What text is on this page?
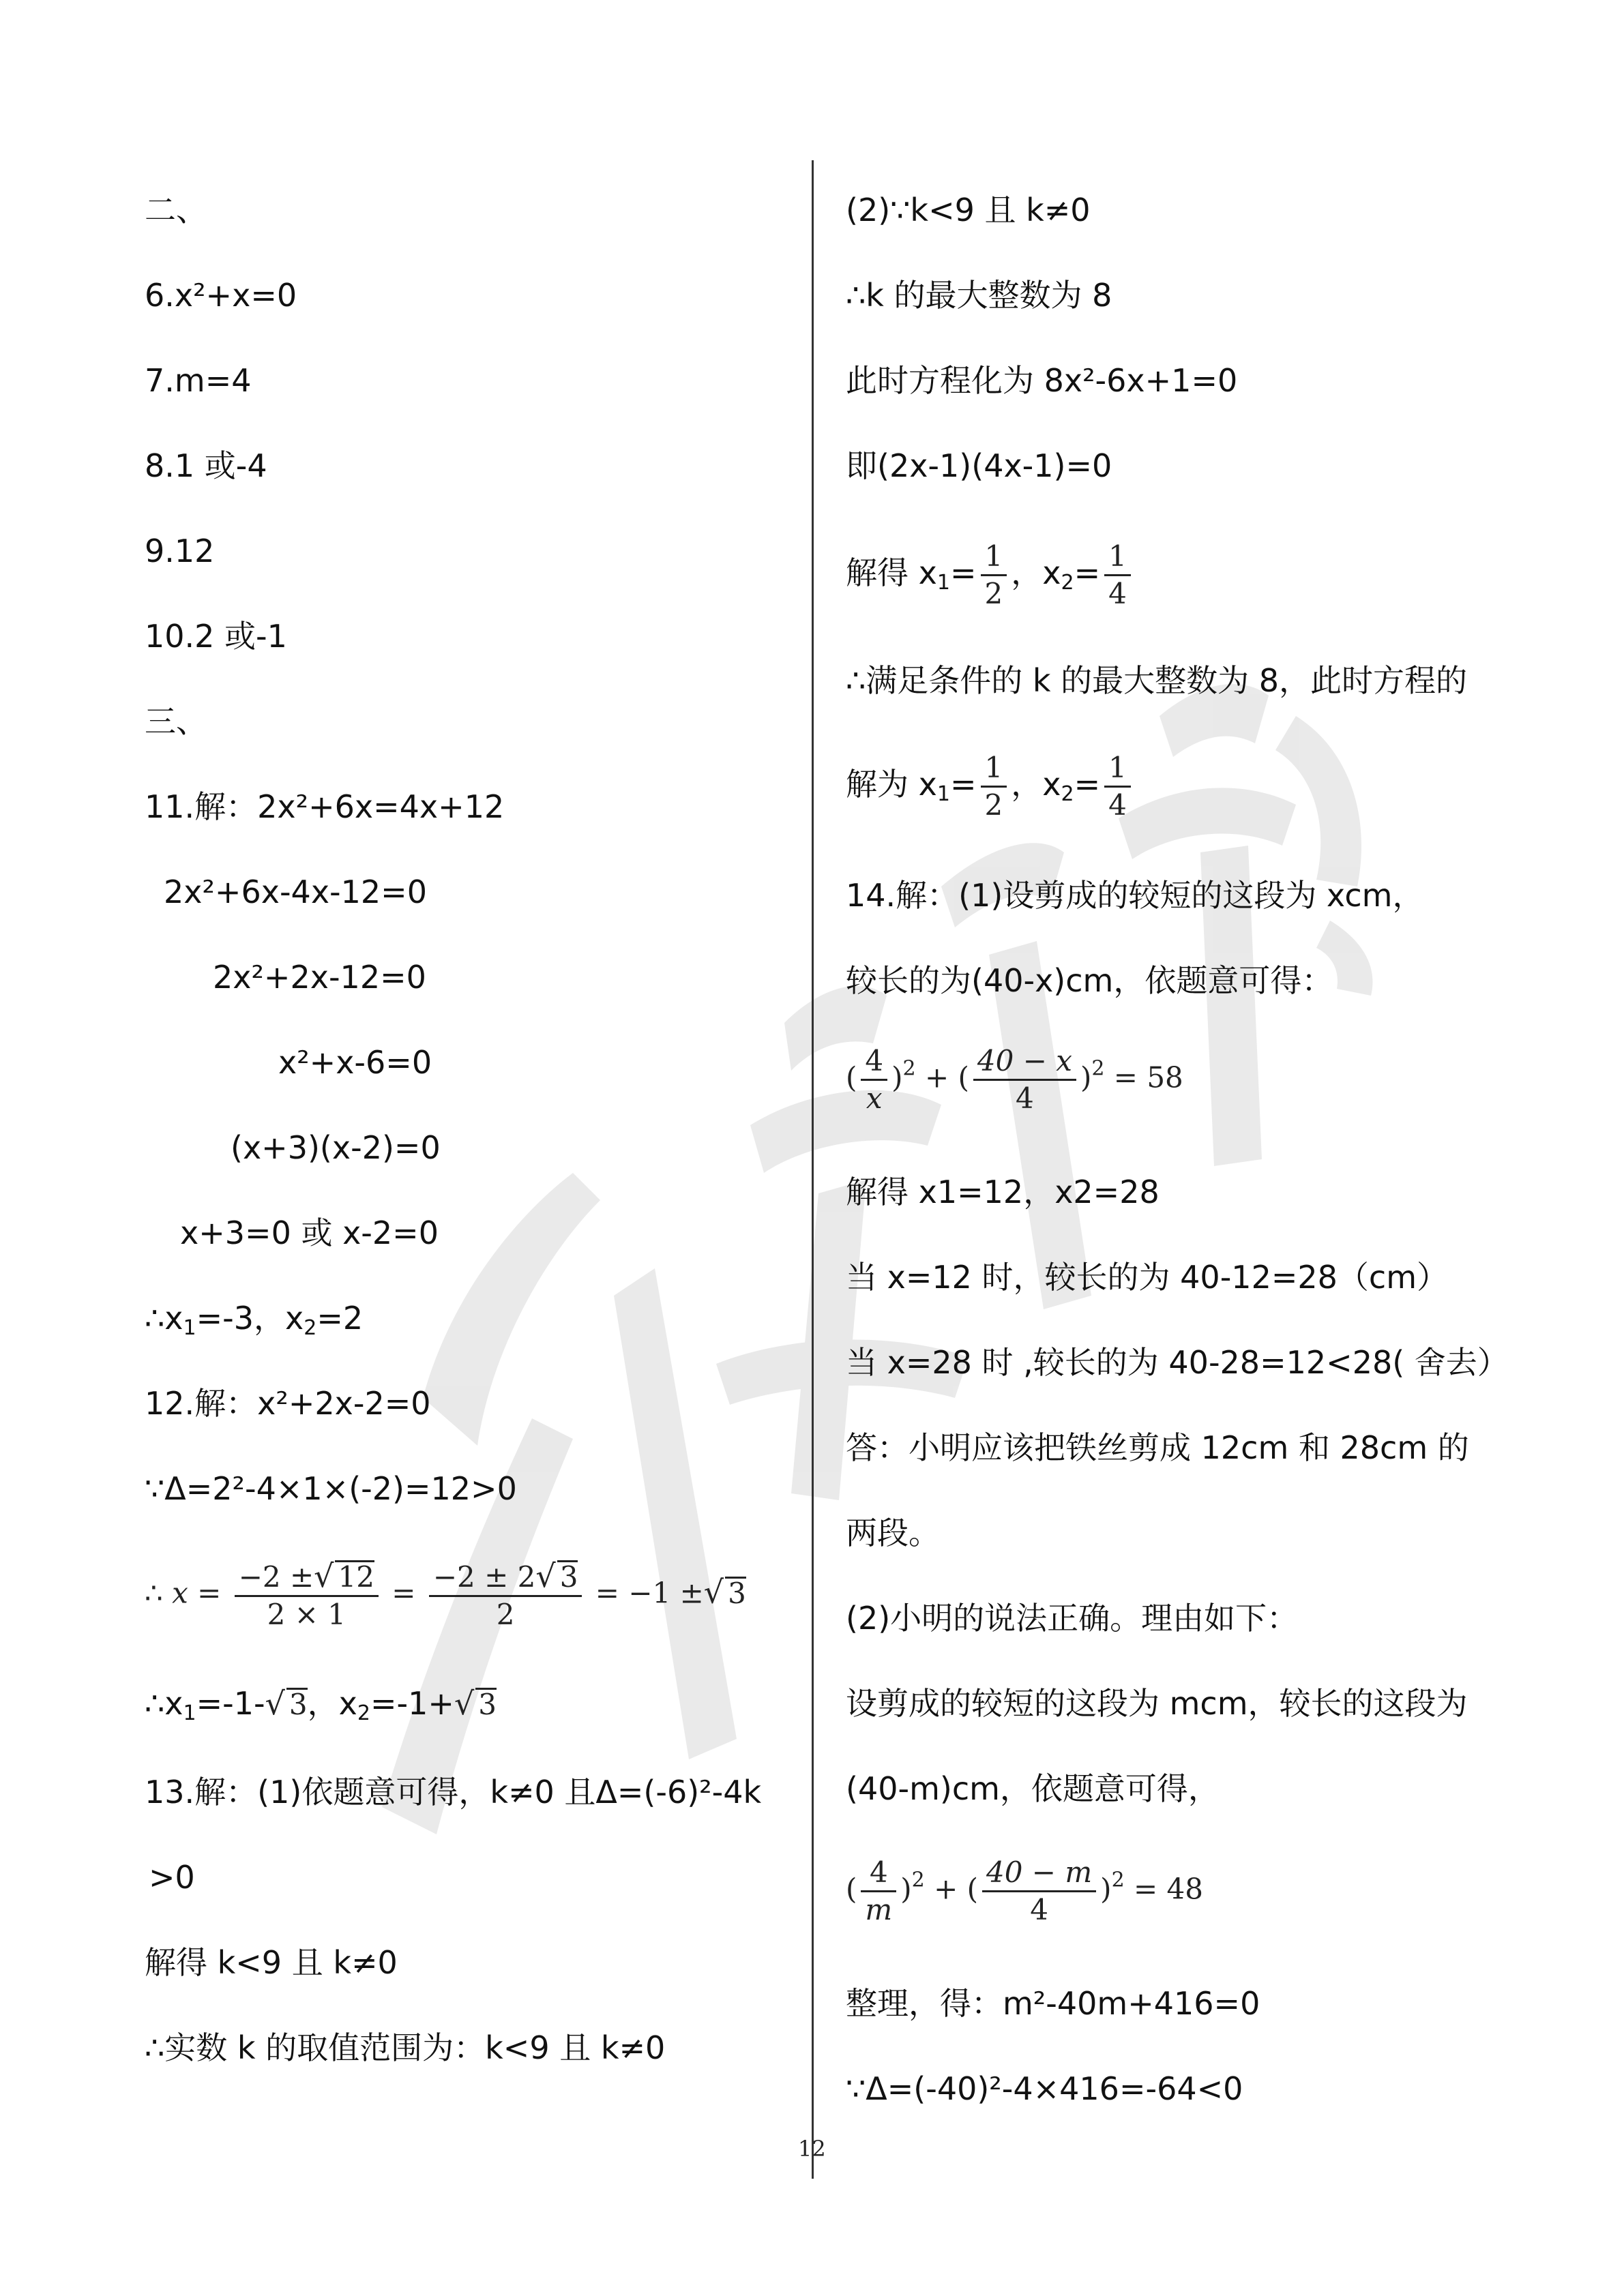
二、
6.x²+x=0
7.m=4
8.1 或-4
9.12
10.2 或-1
三、
11.解：2x²+6x=4x+12
2x²+6x-4x-12=0
2x²+2x-12=0
x²+x-6=0
(x+3)(x-2)=0
x+3=0 或 x-2=0
$\therefore x_1=-3$，$x_2=2$
12.解：x²+2x-2=0
∵Δ=2²-4×1×(-2)=12>0
∴ $x = \frac{-2 \pm√ 12}{2 \times 1} = \frac{-2 \pm 2√ 3}{2} = -1$ ±√ 3
$\therefore x_1=-1-√$ 3，$x_2=-1+√$ 3
13.解：(1)依题意可得，k≠0 且Δ=(-6)²-4k
>0
解得 k<9 且 k≠0
∴实数 k 的取值范围为：k<9 且 k≠0
(2)∵k<9 且 k≠0
∴k 的最大整数为 8
此时方程化为 8x²-6x+1=0
即(2x-1)(4x-1)=0
解得 $x_1= \frac{1}{2}$ ，$x_2= \frac{1}{4}$
∴满足条件的 k 的最大整数为 8，此时方程的
解为 $x_1= \frac{1}{2}$ ，$x_2= \frac{1}{4}$
14.解：(1)设剪成的较短的这段为 xcm，
较长的为(40-x)cm，依题意可得：
( $\frac{4}{x} )^2$ + ( $\frac{40 - x}{4} )^2 = 58$
解得 x1=12，x2=28
当 x=12 时，较长的为 40-12=28（cm）
当 x=28 时 ,较长的为 40-28=12<28( 舍去）
答：小明应该把铁丝剪成 12cm 和 28cm 的
两段。
(2)小明的说法正确。理由如下：
设剪成的较短的这段为 mcm，较长的这段为
(40-m)cm，依题意可得，
( $\frac{4}{m} )^2$ + ( $\frac{40 - m}{4} )^2 = 48$
整理，得：m²-40m+416=0
∵Δ=(-40)²-4×416=-64<0
12
